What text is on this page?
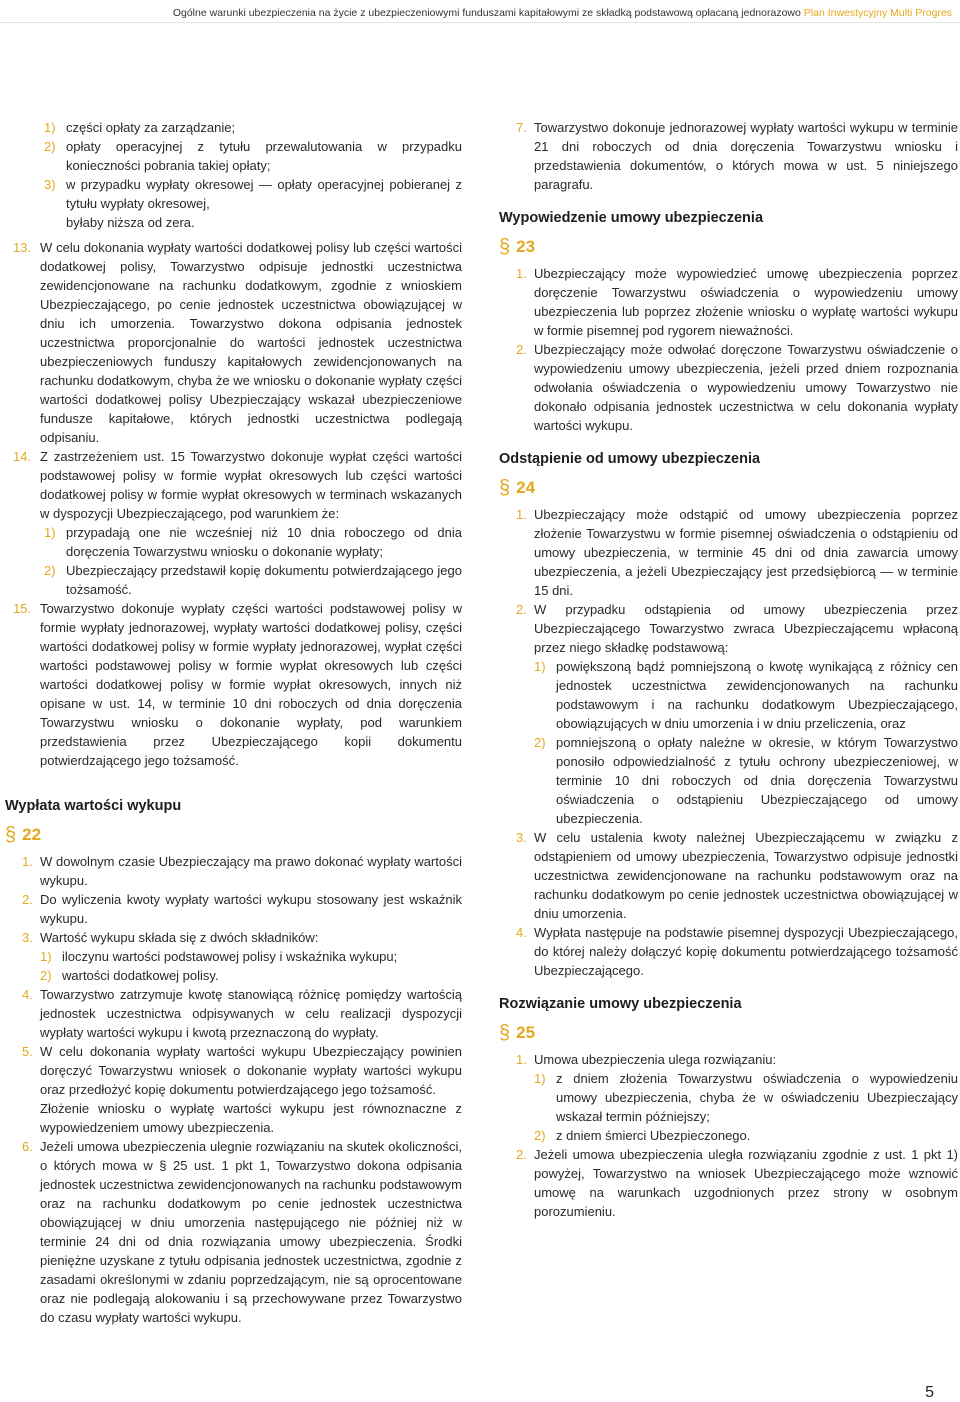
Ogólne warunki ubezpieczenia na życie z ubezpieczeniowymi funduszami kapitałowymi ze składką podstawową opłacaną jednorazowo Plan Inwestycyjny Multi Progres
1) części opłaty za zarządzanie;
2) opłaty operacyjnej z tytułu przewalutowania w przypadku konieczności pobrania takiej opłaty;
3) w przypadku wypłaty okresowej — opłaty operacyjnej pobieranej z tytułu wypłaty okresowej,
byłaby niższa od zera.
13. W celu dokonania wypłaty wartości dodatkowej polisy lub części wartości dodatkowej polisy, Towarzystwo odpisuje jednostki uczestnictwa zewidencjonowane na rachunku dodatkowym, zgodnie z wnioskiem Ubezpieczającego, po cenie jednostek uczestnictwa obowiązującej w dniu ich umorzenia. Towarzystwo dokona odpisania jednostek uczestnictwa proporcjonalnie do wartości jednostek uczestnictwa ubezpieczeniowych funduszy kapitałowych zewidencjonowanych na rachunku dodatkowym, chyba że we wniosku o dokonanie wypłaty części wartości dodatkowej polisy Ubezpieczający wskazał ubezpieczeniowe fundusze kapitałowe, których jednostki uczestnictwa podlegają odpisaniu.
14. Z zastrzeżeniem ust. 15 Towarzystwo dokonuje wypłat części wartości podstawowej polisy w formie wypłat okresowych lub części wartości dodatkowej polisy w formie wypłat okresowych w terminach wskazanych w dyspozycji Ubezpieczającego, pod warunkiem że:
1) przypadają one nie wcześniej niż 10 dnia roboczego od dnia doręczenia Towarzystwu wniosku o dokonanie wypłaty;
2) Ubezpieczający przedstawił kopię dokumentu potwierdzającego jego tożsamość.
15. Towarzystwo dokonuje wypłaty części wartości podstawowej polisy w formie wypłaty jednorazowej, wypłaty wartości dodatkowej polisy, części wartości dodatkowej polisy w formie wypłaty jednorazowej, wypłat części wartości podstawowej polisy w formie wypłat okresowych lub części wartości dodatkowej polisy w formie wypłat okresowych, innych niż opisane w ust. 14, w terminie 10 dni roboczych od dnia doręczenia Towarzystwu wniosku o dokonanie wypłaty, pod warunkiem przedstawienia przez Ubezpieczającego kopii dokumentu potwierdzającego jego tożsamość.
Wypłata wartości wykupu
§ 22
1. W dowolnym czasie Ubezpieczający ma prawo dokonać wypłaty wartości wykupu.
2. Do wyliczenia kwoty wypłaty wartości wykupu stosowany jest wskaźnik wykupu.
3. Wartość wykupu składa się z dwóch składników:
1) iloczynu wartości podstawowej polisy i wskaźnika wykupu;
2) wartości dodatkowej polisy.
4. Towarzystwo zatrzymuje kwotę stanowiącą różnicę pomiędzy wartością jednostek uczestnictwa odpisywanych w celu realizacji dyspozycji wypłaty wartości wykupu i kwotą przeznaczoną do wypłaty.
5. W celu dokonania wypłaty wartości wykupu Ubezpieczający powinien doręczyć Towarzystwu wniosek o dokonanie wypłaty wartości wykupu oraz przedłożyć kopię dokumentu potwierdzającego jego tożsamość.
Złożenie wniosku o wypłatę wartości wykupu jest równoznaczne z wypowiedzeniem umowy ubezpieczenia.
6. Jeżeli umowa ubezpieczenia ulegnie rozwiązaniu na skutek okoliczności, o których mowa w § 25 ust. 1 pkt 1, Towarzystwo dokona odpisania jednostek uczestnictwa zewidencjonowanych na rachunku podstawowym oraz na rachunku dodatkowym po cenie jednostek uczestnictwa obowiązującej w dniu umorzenia następującego nie później niż w terminie 24 dni od dnia rozwiązania umowy ubezpieczenia. Środki pieniężne uzyskane z tytułu odpisania jednostek uczestnictwa, zgodnie z zasadami określonymi w zdaniu poprzedzającym, nie są oprocentowane oraz nie podlegają alokowaniu i są przechowywane przez Towarzystwo do czasu wypłaty wartości wykupu.
7. Towarzystwo dokonuje jednorazowej wypłaty wartości wykupu w terminie 21 dni roboczych od dnia doręczenia Towarzystwu wniosku i przedstawienia dokumentów, o których mowa w ust. 5 niniejszego paragrafu.
Wypowiedzenie umowy ubezpieczenia
§ 23
1. Ubezpieczający może wypowiedzieć umowę ubezpieczenia poprzez doręczenie Towarzystwu oświadczenia o wypowiedzeniu umowy ubezpieczenia lub poprzez złożenie wniosku o wypłatę wartości wykupu w formie pisemnej pod rygorem nieważności.
2. Ubezpieczający może odwołać doręczone Towarzystwu oświadczenie o wypowiedzeniu umowy ubezpieczenia, jeżeli przed dniem rozpoznania odwołania oświadczenia o wypowiedzeniu umowy Towarzystwo nie dokonało odpisania jednostek uczestnictwa w celu dokonania wypłaty wartości wykupu.
Odstąpienie od umowy ubezpieczenia
§ 24
1. Ubezpieczający może odstąpić od umowy ubezpieczenia poprzez złożenie Towarzystwu w formie pisemnej oświadczenia o odstąpieniu od umowy ubezpieczenia, w terminie 45 dni od dnia zawarcia umowy ubezpieczenia, a jeżeli Ubezpieczający jest przedsiębiorcą — w terminie 15 dni.
2. W przypadku odstąpienia od umowy ubezpieczenia przez Ubezpieczającego Towarzystwo zwraca Ubezpieczającemu wpłaconą przez niego składkę podstawową:
1) powiększoną bądź pomniejszoną o kwotę wynikającą z różnicy cen jednostek uczestnictwa zewidencjonowanych na rachunku podstawowym i na rachunku dodatkowym Ubezpieczającego, obowiązujących w dniu umorzenia i w dniu przeliczenia, oraz
2) pomniejszoną o opłaty należne w okresie, w którym Towarzystwo ponosiło odpowiedzialność z tytułu ochrony ubezpieczeniowej, w terminie 10 dni roboczych od dnia doręczenia Towarzystwu oświadczenia o odstąpieniu Ubezpieczającego od umowy ubezpieczenia.
3. W celu ustalenia kwoty należnej Ubezpieczającemu w związku z odstąpieniem od umowy ubezpieczenia, Towarzystwo odpisuje jednostki uczestnictwa zewidencjonowane na rachunku podstawowym oraz na rachunku dodatkowym po cenie jednostek uczestnictwa obowiązującej w dniu umorzenia.
4. Wypłata następuje na podstawie pisemnej dyspozycji Ubezpieczającego, do której należy dołączyć kopię dokumentu potwierdzającego tożsamość Ubezpieczającego.
Rozwiązanie umowy ubezpieczenia
§ 25
1. Umowa ubezpieczenia ulega rozwiązaniu:
1) z dniem złożenia Towarzystwu oświadczenia o wypowiedzeniu umowy ubezpieczenia, chyba że w oświadczeniu Ubezpieczający wskazał termin późniejszy;
2) z dniem śmierci Ubezpieczonego.
2. Jeżeli umowa ubezpieczenia uległa rozwiązaniu zgodnie z ust. 1 pkt 1) powyżej, Towarzystwo na wniosek Ubezpieczającego może wznowić umowę na warunkach uzgodnionych przez strony w osobnym porozumieniu.
5
